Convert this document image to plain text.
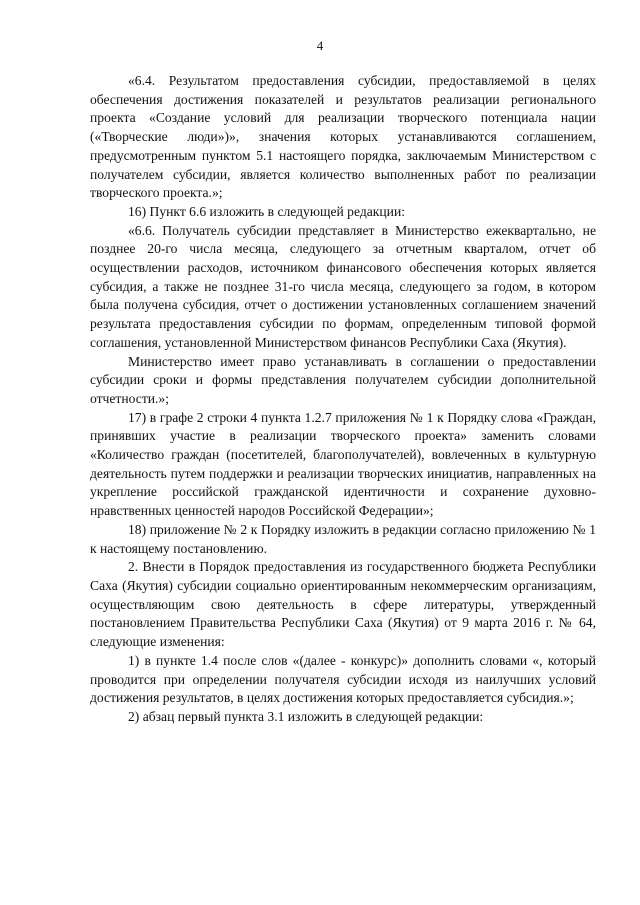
4

«6.4. Результатом предоставления субсидии, предоставляемой в целях обеспечения достижения показателей и результатов реализации регионального проекта «Создание условий для реализации творческого потенциала нации («Творческие люди»)», значения которых устанавливаются соглашением, предусмотренным пунктом 5.1 настоящего порядка, заключаемым Министерством с получателем субсидии, является количество выполненных работ по реализации творческого проекта.»;

16) Пункт 6.6 изложить в следующей редакции:

«6.6. Получатель субсидии представляет в Министерство ежеквартально, не позднее 20-го числа месяца, следующего за отчетным кварталом, отчет об осуществлении расходов, источником финансового обеспечения которых является субсидия, а также не позднее 31-го числа месяца, следующего за годом, в котором была получена субсидия, отчет о достижении установленных соглашением значений результата предоставления субсидии по формам, определенным типовой формой соглашения, установленной Министерством финансов Республики Саха (Якутия).

Министерство имеет право устанавливать в соглашении о предоставлении субсидии сроки и формы представления получателем субсидии дополнительной отчетности.»;

17) в графе 2 строки 4 пункта 1.2.7 приложения № 1 к Порядку слова «Граждан, принявших участие в реализации творческого проекта» заменить словами «Количество граждан (посетителей, благополучателей), вовлеченных в культурную деятельность путем поддержки и реализации творческих инициатив, направленных на укрепление российской гражданской идентичности и сохранение духовно-нравственных ценностей народов Российской Федерации»;

18) приложение № 2 к Порядку изложить в редакции согласно приложению № 1 к настоящему постановлению.

2. Внести в Порядок предоставления из государственного бюджета Республики Саха (Якутия) субсидии социально ориентированным некоммерческим организациям, осуществляющим свою деятельность в сфере литературы, утвержденный постановлением Правительства Республики Саха (Якутия) от 9 марта 2016 г. № 64, следующие изменения:

1) в пункте 1.4 после слов «(далее - конкурс)» дополнить словами «, который проводится при определении получателя субсидии исходя из наилучших условий достижения результатов, в целях достижения которых предоставляется субсидия.»;

2) абзац первый пункта 3.1 изложить в следующей редакции:
